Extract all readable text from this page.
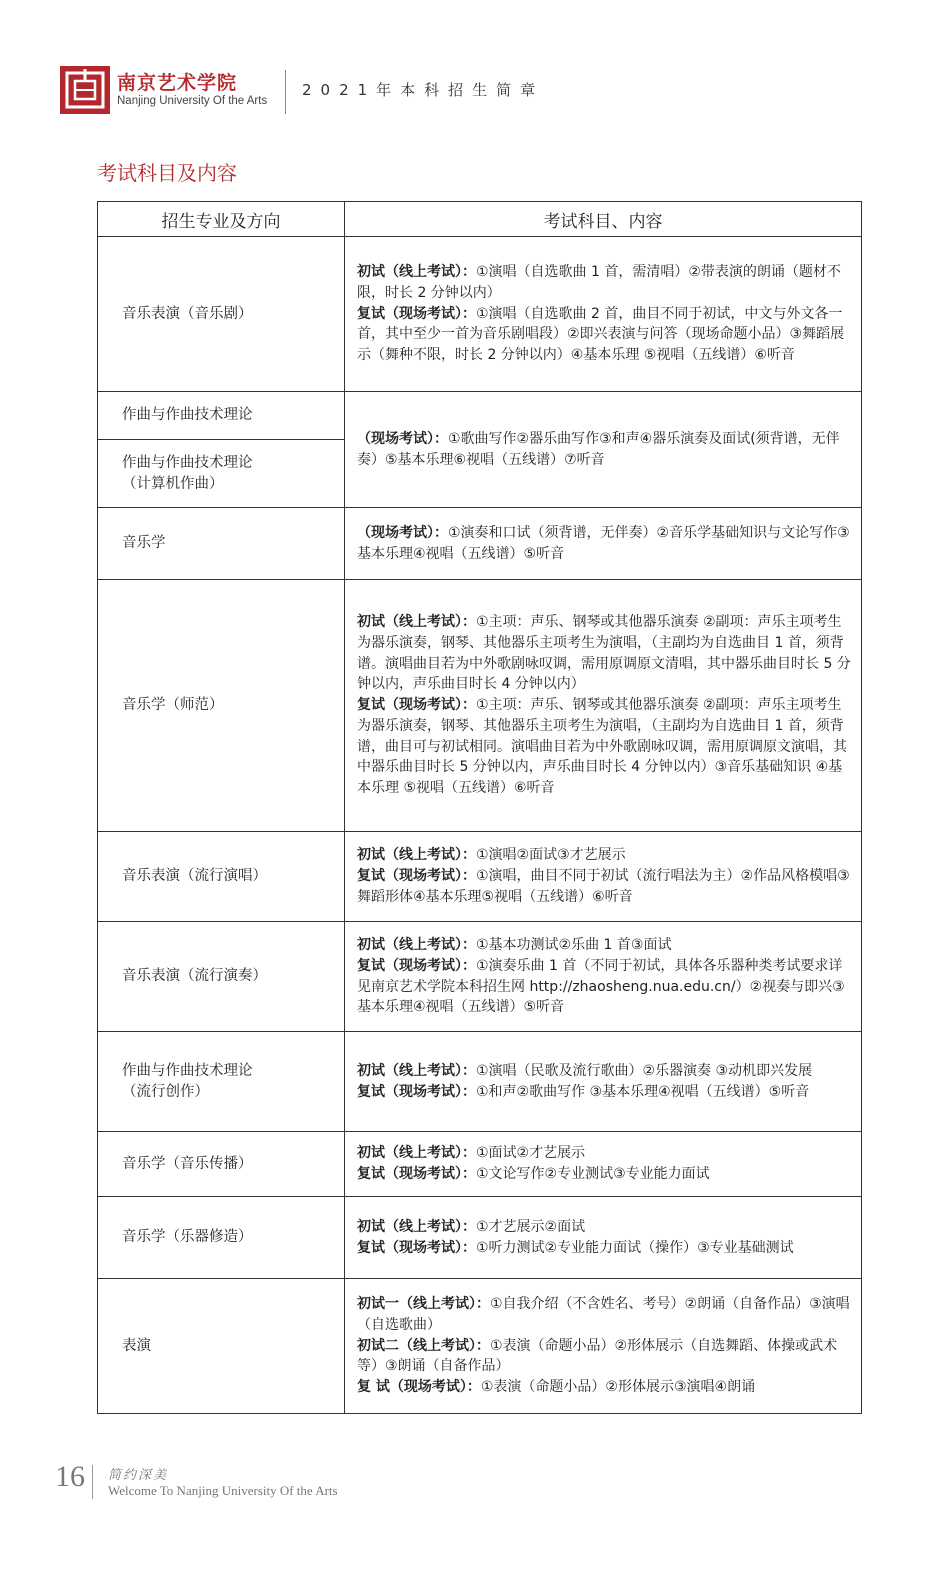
南京艺术学院
Nanjing University Of the Arts
2021年本科招生简章
考试科目及内容
招生专业及方向	考试科目、内容
音乐表演（音乐剧）	初试（线上考试）：①演唱（自选歌曲 1 首，需清唱）②带表演的朗诵（题材不限，时长 2 分钟以内）
复试（现场考试）：①演唱（自选歌曲 2 首，曲目不同于初试，中文与外文各一首，其中至少一首为音乐剧唱段）②即兴表演与问答（现场命题小品）③舞蹈展示（舞种不限，时长 2 分钟以内）④基本乐理 ⑤视唱（五线谱）⑥听音
作曲与作曲技术理论	（现场考试）：①歌曲写作②器乐曲写作③和声④器乐演奏及面试(须背谱，无伴奏）⑤基本乐理⑥视唱（五线谱）⑦听音

作曲与作曲技术理论
（计算机作曲）	

音乐学	（现场考试）：①演奏和口试（须背谱，无伴奏）②音乐学基础知识与文论写作③基本乐理④视唱（五线谱）⑤听音
音乐学（师范）	初试（线上考试）：①主项：声乐、钢琴或其他器乐演奏 ②副项：声乐主项考生为器乐演奏，钢琴、其他器乐主项考生为演唱，（主副均为自选曲目 1 首，须背谱。演唱曲目若为中外歌剧咏叹调，需用原调原文清唱，其中器乐曲目时长 5 分钟以内，声乐曲目时长 4 分钟以内）
复试（现场考试）：①主项：声乐、钢琴或其他器乐演奏 ②副项：声乐主项考生为器乐演奏，钢琴、其他器乐主项考生为演唱，（主副均为自选曲目 1 首，须背谱，曲目可与初试相同。演唱曲目若为中外歌剧咏叹调，需用原调原文演唱，其中器乐曲目时长 5 分钟以内，声乐曲目时长 4 分钟以内）③音乐基础知识 ④基本乐理 ⑤视唱（五线谱）⑥听音
音乐表演（流行演唱）	初试（线上考试）：①演唱②面试③才艺展示
复试（现场考试）：①演唱，曲目不同于初试（流行唱法为主）②作品风格模唱③舞蹈形体④基本乐理⑤视唱（五线谱）⑥听音
音乐表演（流行演奏）	初试（线上考试）：①基本功测试②乐曲 1 首③面试
复试（现场考试）：①演奏乐曲 1 首（不同于初试，具体各乐器种类考试要求详见南京艺术学院本科招生网 http://zhaosheng.nua.edu.cn/）②视奏与即兴③基本乐理④视唱（五线谱）⑤听音

作曲与作曲技术理论
（流行创作）	初试（线上考试）：①演唱（民歌及流行歌曲）②乐器演奏 ③动机即兴发展
复试（现场考试）：①和声②歌曲写作 ③基本乐理④视唱（五线谱）⑤听音
音乐学（音乐传播）	初试（线上考试）：①面试②才艺展示
复试（现场考试）：①文论写作②专业测试③专业能力面试
音乐学（乐器修造）	初试（线上考试）：①才艺展示②面试
复试（现场考试）：①听力测试②专业能力面试（操作）③专业基础测试
表演	初试一（线上考试）：①自我介绍（不含姓名、考号）②朗诵（自备作品）③演唱（自选歌曲）
初试二（线上考试）：①表演（命题小品）②形体展示（自选舞蹈、体操或武术等）③朗诵（自备作品）
复 试（现场考试）：①表演（命题小品）②形体展示③演唱④朗诵
16 简约深美
Welcome To Nanjing University Of the Arts
